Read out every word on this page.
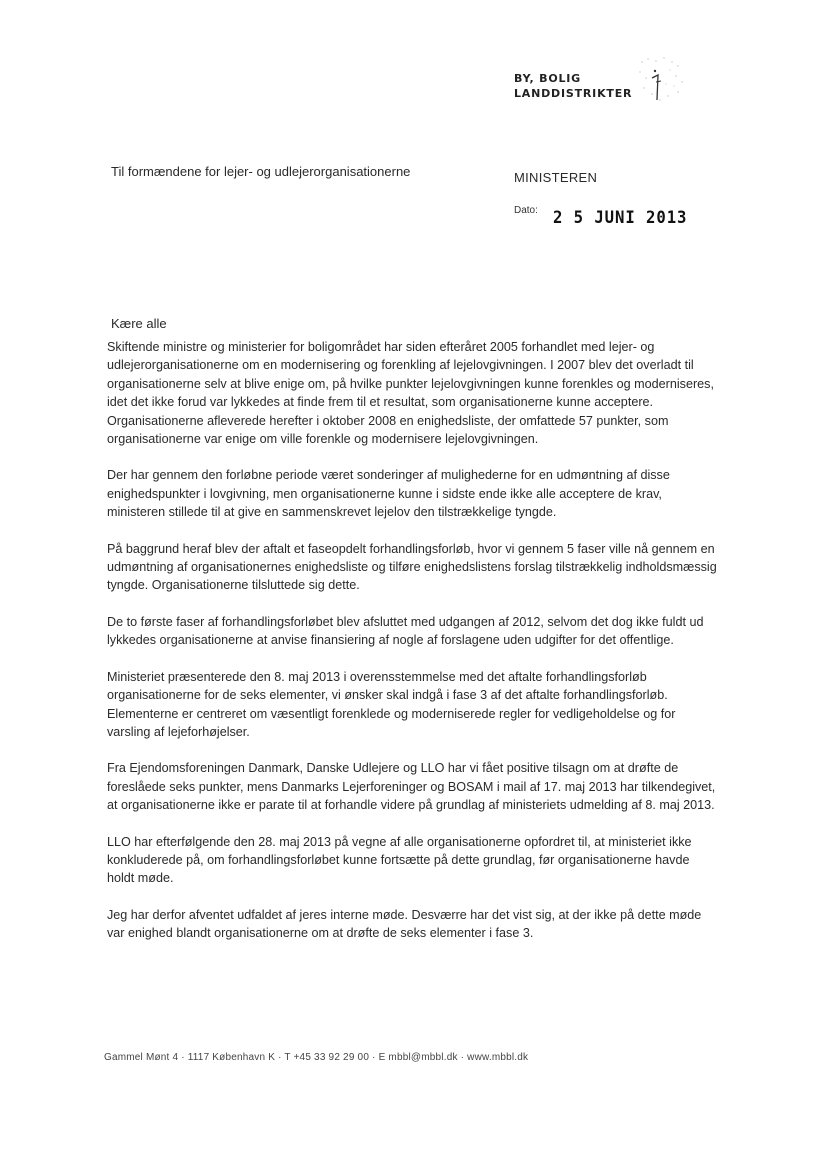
BY, BOLIG
LANDDISTRIKTER
Til formændene for lejer- og udlejerorganisationerne	MINISTEREN
Dato: 2 5 JUNI 2013
Kære alle

Skiftende ministre og ministerier for boligområdet har siden efteråret 2005 forhandlet med lejer- og udlejerorganisationerne om en modernisering og forenkling af lejelovgivningen. I 2007 blev det overladt til organisationerne selv at blive enige om, på hvilke punkter lejelovgivningen kunne forenkles og moderniseres, idet det ikke forud var lykkedes at finde frem til et resultat, som organisationerne kunne acceptere. Organisationerne afleverede herefter i oktober 2008 en enighedsliste, der omfattede 57 punkter, som organisationerne var enige om ville forenkle og modernisere lejelovgivningen.

Der har gennem den forløbne periode været sonderinger af mulighederne for en udmøntning af disse enighedspunkter i lovgivning, men organisationerne kunne i sidste ende ikke alle acceptere de krav, ministeren stillede til at give en sammenskrevet lejelov den tilstrækkelige tyngde.

På baggrund heraf blev der aftalt et faseopdelt forhandlingsforløb, hvor vi gennem 5 faser ville nå gennem en udmøntning af organisationernes enighedsliste og tilføre enighedslistens forslag tilstrækkelig indholdsmæssig tyngde. Organisationerne tilsluttede sig dette.

De to første faser af forhandlingsforløbet blev afsluttet med udgangen af 2012, selvom det dog ikke fuldt ud lykkedes organisationerne at anvise finansiering af nogle af forslagene uden udgifter for det offentlige.

Ministeriet præsenterede den 8. maj 2013 i overensstemmelse med det aftalte forhandlingsforløb organisationerne for de seks elementer, vi ønsker skal indgå i fase 3 af det aftalte forhandlingsforløb. Elementerne er centreret om væsentligt forenklede og moderniserede regler for vedligeholdelse og for varsling af lejeforhøjelser.

Fra Ejendomsforeningen Danmark, Danske Udlejere og LLO har vi fået positive tilsagn om at drøfte de foreslåede seks punkter, mens Danmarks Lejerforeninger og BOSAM i mail af 17. maj 2013 har tilkendegivet, at organisationerne ikke er parate til at forhandle videre på grundlag af ministeriets udmelding af 8. maj 2013.

LLO har efterfølgende den 28. maj 2013 på vegne af alle organisationerne opfordret til, at ministeriet ikke konkluderede på, om forhandlingsforløbet kunne fortsætte på dette grundlag, før organisationerne havde holdt møde.

Jeg har derfor afventet udfaldet af jeres interne møde. Desværre har det vist sig, at der ikke på dette møde var enighed blandt organisationerne om at drøfte de seks elementer i fase 3.

Gammel Mønt 4 · 1117 København K · T +45 33 92 29 00 · E mbbl@mbbl.dk · www.mbbl.dk
